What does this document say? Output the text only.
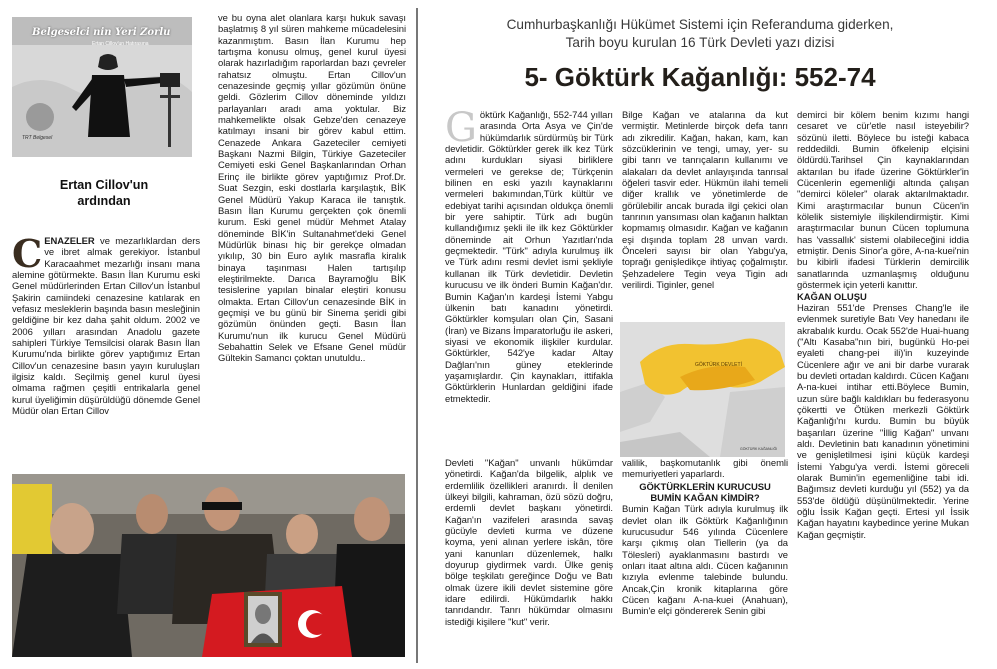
Belgeselci nin Yeri Zorlu
Ertan Cillov'un Hatırasına
TRT Belgesel
Ertan Cillov'un
ardından
CENAZELER ve mezarlıklardan ders ve ibret almak gerekiyor. İstanbul Karacaahmet mezarlığı insanı mana alemine götürmekte. Basın İlan Kurumu eski Genel müdürlerinden Ertan Cillov'un İstanbul Şakirin camiindeki cenazesine katılarak en vefasız mesleklerin başında basın mesleğinin geldiğine bir kez daha şahit oldum. 2002 ve 2006 yılları arasından Anadolu gazete sahipleri Türkiye Temsilcisi olarak Basın İlan Kurumu'nda birlikte görev yaptığımız Ertan Cillov'un cenazesine basın yayın kuruluşları ilgisiz kaldı. Seçilmiş genel kurul üyesi olmama rağmen çeşitli entrikalarla genel kurul üyeliğimin düşürüldüğü dönemde Genel Müdür olan Ertan Cillov
ve bu oyna alet olanlara karşı hukuk savaşı başlatmış 8 yıl süren mahkeme mücadelesini kazanmıştım. Basın İlan Kurumu hep tartışma konusu olmuş, genel kurul üyesi olarak hazırladığım raporlardan bazı çevreler rahatsız olmuştu. Ertan Cillov'un cenazesinde geçmiş yıllar gözümün önüne geldi. Gözlerim Cillov döneminde yıldızı parlayanları aradı ama yoktular. Biz mahkemelikte olsak Gebze'den cenazeye katılmayı insani bir görev kabul ettim. Cenazede Ankara Gazeteciler cemiyeti Başkanı Nazmi Bilgin, Türkiye Gazeteciler Cemiyeti eski Genel Başkanlarından Orhan Erinç ile birlikte görev yaptığımız Prof.Dr. Suat Sezgin, eski dostlarla karşılaştık, BİK Genel Müdürü Yakup Karaca ile tanıştık. Basın İlan Kurumu gerçekten çok önemli kurum. Eski genel müdür Mehmet Atalay döneminde BİK'in Sultanahmet'deki Genel Müdürlük binası hiç bir gerekçe olmadan yıkılıp, 30 bin Euro aylık masrafla kiralık binaya taşınması Halen tartışılıp eleştirilmekte. Darıca Bayramoğlu BİK tesislerine yapılan binalar eleştiri konusu olmakta. Ertan Cillov'un cenazesinde BİK in geçmişi ve bu günü bir Sinema şeridi gibi gözümün önünden geçti. Basın İlan Kurumu'nun ilk kurucu Genel Müdürü Sebahattin Selek ve Efsane Genel müdür Gültekin Samancı çoktan unutuldu..
Cumhurbaşkanlığı Hükümet Sistemi için Referanduma giderken,
Tarih boyu kurulan 16 Türk Devleti yazı dizisi
5- Göktürk Kağanlığı: 552-74
Göktürk Kağanlığı, 552-744 yılları arasında Orta Asya ve Çin'de hükümdarlık sürdürmüş bir Türk devletidir. Göktürkler gerek ilk kez Türk adını kurdukları siyasi birliklere vermeleri ve gerekse de; Türkçenin bilinen en eski yazılı kaynaklarını vermeleri bakımından,Türk kültür ve edebiyat tarihi açısından oldukça önemli bir yere sahiptir. Türk adı bugün kullandığımız şekli ile ilk kez Göktürkler döneminde ait Orhun Yazıtları'nda geçmektedir. "Türk" adıyla kurulmuş ilk ve Türk adını resmi devlet ismi şekliyle kullanan ilk Türk devletidir. Devletin kurucusu ve ilk önderi Bumin Kağan'dır. Bumin Kağan'ın kardeşi İstemi Yabgu ülkenin batı kanadını yönetirdi. Göktürkler komşuları olan Çin, Sasani (İran) ve Bizans İmparatorluğu ile askeri, siyasi ve ekonomik ilişkiler kurdular. Göktürkler, 542'ye kadar Altay Dağları'nın güney eteklerinde yaşamışlardır. Çin kaynakları, ittifakla Göktürklerin Hunlardan geldiğini ifade etmektedir.
Devleti "Kağan" unvanlı hükümdar yönetirdi. Kağan'da bilgelik, alplık ve erdemlilik özellikleri aranırdı. İl denilen ülkeyi bilgili, kahraman, özü sözü doğru, erdemli devlet başkanı yönetirdi. Kağan'ın vazifeleri arasında savaş gücüyle devleti kurma ve düzene koyma, yeni alınan yerlere iskân, töre yani kanunları düzenlemek, halkı doyurup giydirmek vardı. Ülke geniş bölge teşkilatı gereğince Doğu ve Batı olmak üzere ikili devlet sistemine göre idare edilirdi. Hükümdarlık hakkı tanrıdandır. Tanrı hükümdar olmasını istediği kişilere "kut" verir.
Bilge Kağan ve atalarına da kut vermiştir. Metinlerde birçok defa tanrı adı zikredilir. Kağan, hakan, kam, kan sözcüklerinin ve tengi, umay, yer- su gibi tanrı ve tanrıçaların kullanımı ve alakaları da devlet anlayışında tanrısal öğeleri tasvir eder. Hükmün ilahi temeli diğer krallık ve yönetimlerde de görülebilir ancak burada ilgi çekici olan tanrının yansıması olan kağanın halktan kopmamış olmasıdır. Kağan ve kağanın eşi dışında toplam 28 unvan vardı. Önceleri sayısı bir olan Yabgu'ya, toprağı genişledikçe ihtiyaç çoğalmıştır. Şehzadelere Tegin veya Tigin adı verilirdi. Tiginler, genel
GÖKTÜRK DEVLETİ
GÖKTÜRK KAĞANLIĞI

valilik, başkomutanlık gibi önemli memuriyetleri yaparlardı.

GÖKTÜRKLERİN KURUCUSU

BUMİN KAĞAN KİMDİR?

Bumin Kağan Türk adıyla kurulmuş ilk devlet olan ilk Göktürk Kağanlığının kurucusudur 546 yılında Cücenlere karşı çıkmış olan Tiellerin (ya da Tölesleri) ayaklanmasını bastırdı ve onları itaat altına aldı. Cücen kağanının kızıyla evlenme talebinde bulundu. Ancak,Çin kronik kitaplarına göre Cücen kağanı A-na-kuei (Anahuan), Bumin'e elçi göndererek Senin gibi

demirci bir kölem benim kızımı hangi cesaret ve cür'etle nasıl isteyebilir? sözünü iletti. Böylece bu isteği kabaca reddedildi. Bumin öfkelenip elçisini öldürdü.Tarihsel Çin kaynaklarından aktarılan bu ifade üzerine Göktürkler'in Cücenlerin egemenliği altında çalışan "demirci köleler" olarak aktarılmaktadır. Kimi araştırmacılar bunun Cücen'in kölelik sistemiyle ilişkilendirmiştir. Kimi araştırmacılar bunun Cücen toplumuna has 'vassallık' sistemi olabileceğini iddia etmiştir. Denis Sinor'a göre, A-na-kuei'nin bu kibirli ifadesi Türklerin demircilik sanatlarında uzmanlaşmış olduğunu göstermek için yeterli kanıttır.

KAĞAN OLUŞU

Haziran 551'de Prenses Chang'le ile evlenmek suretiyle Batı Vey hanedanı ile akrabalık kurdu. Ocak 552'de Huai-huang ("Altı Kasaba"nın biri, bugünkü Ho-pei eyaleti chang-pei ili)'in kuzeyinde Cücenlere ağır ve ani bir darbe vurarak bu devleti ortadan kaldırdı. Cücen Kağanı A-na-kuei intihar etti.Böylece Bumin, uzun süre bağlı kaldıkları bu federasyonu çökertti ve Ötüken merkezli Göktürk Kağanlığı'nı kurdu. Bumin bu büyük başarıları üzerine "İllig Kağan" unvanı aldı. Devletinin batı kanadının yönetimini ve genişletilmesi işini küçük kardeşi İstemi Yabgu'ya verdi. İstemi göreceli olarak Bumin'in egemenliğine tabi idi. Bağımsız devleti kurduğu yıl (552) ya da 553'de öldüğü düşünülmektedir. Yerine oğlu İssik Kağan geçti. Ertesi yıl İssik Kağan hayatını kaybedince yerine Mukan Kağan geçmiştir.
